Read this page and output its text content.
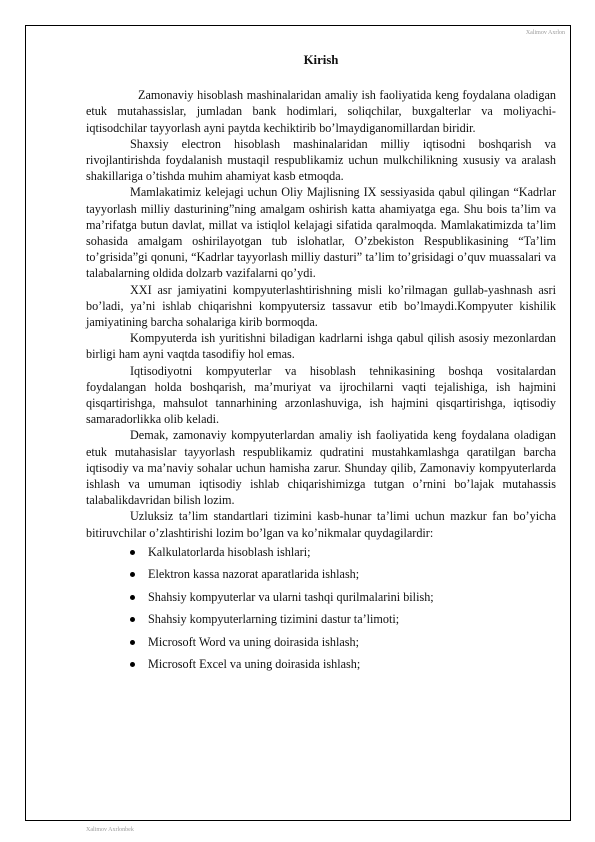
Xalimov Axrlon
Kirish

Zamonaviy hisoblash mashinalaridan amaliy ish faoliyatida keng foydalana oladigan etuk mutahassislar, jumladan bank hodimlari, soliqchilar, buxgalterlar va moliyachi-iqtisodchilar tayyorlash ayni paytda kechiktirib bo’lmaydiganomillardan biridir.

Shaxsiy electron hisoblash mashinalaridan milliy iqtisodni boshqarish va rivojlantirishda foydalanish mustaqil respublikamiz uchun mulkchilikning xususiy va aralash shakillariga o’tishda muhim ahamiyat kasb etmoqda.

Mamlakatimiz kelejagi uchun Oliy Majlisning IX sessiyasida qabul qilingan “Kadrlar tayyorlash milliy dasturining”ning amalgam oshirish katta ahamiyatga ega. Shu bois ta’lim va ma’rifatga butun davlat, millat va istiqlol kelajagi sifatida qaralmoqda. Mamlakatimizda ta’lim sohasida amalgam oshirilayotgan tub islohatlar, O’zbekiston Respublikasining “Ta’lim to’grisida”gi qonuni, “Kadrlar tayyorlash milliy dasturi” ta’lim to’grisidagi o’quv muassalari va talabalarning oldida dolzarb vazifalarni qo’ydi.

XXI asr jamiyatini kompyuterlashtirishning misli ko’rilmagan gullab-yashnash asri bo’ladi, ya’ni ishlab chiqarishni kompyutersiz tassavur etib bo’lmaydi.Kompyuter kishilik jamiyatining barcha sohalariga kirib bormoqda.

Kompyuterda ish yuritishni biladigan kadrlarni ishga qabul qilish asosiy mezonlardan birligi ham ayni vaqtda tasodifiy hol emas.

Iqtisodiyotni kompyuterlar va hisoblash tehnikasining boshqa vositalardan foydalangan holda boshqarish, ma’muriyat va ijrochilarni vaqti tejalishiga, ish hajmini qisqartirishga, mahsulot tannarhining arzonlashuviga, ish hajmini qisqartirishga, iqtisodiy samaradorlikka olib keladi.

Demak, zamonaviy kompyuterlardan amaliy ish faoliyatida keng foydalana oladigan etuk mutahasislar tayyorlash respublikamiz qudratini mustahkamlashga qaratilgan barcha iqtisodiy va ma’naviy sohalar uchun hamisha zarur. Shunday qilib, Zamonaviy kompyuterlarda ishlash va umuman iqtisodiy ishlab chiqarishimizga tutgan o’rnini bo’lajak mutahassis talabalikdavridan bilish lozim.

Uzluksiz ta’lim standartlari tizimini kasb-hunar ta’limi uchun mazkur fan bo’yicha bitiruvchilar o’zlashtirishi lozim bo’lgan va ko’nikmalar quydagilardir:

Kalkulatorlarda hisoblash ishlari;
Elektron kassa nazorat aparatlarida ishlash;
Shahsiy kompyuterlar va ularni tashqi qurilmalarini bilish;
Shahsiy kompyuterlarning tizimini dastur ta’limoti;
Microsoft Word va uning doirasida ishlash;
Microsoft Excel va uning doirasida ishlash;
Xalimov Axrlonbek
